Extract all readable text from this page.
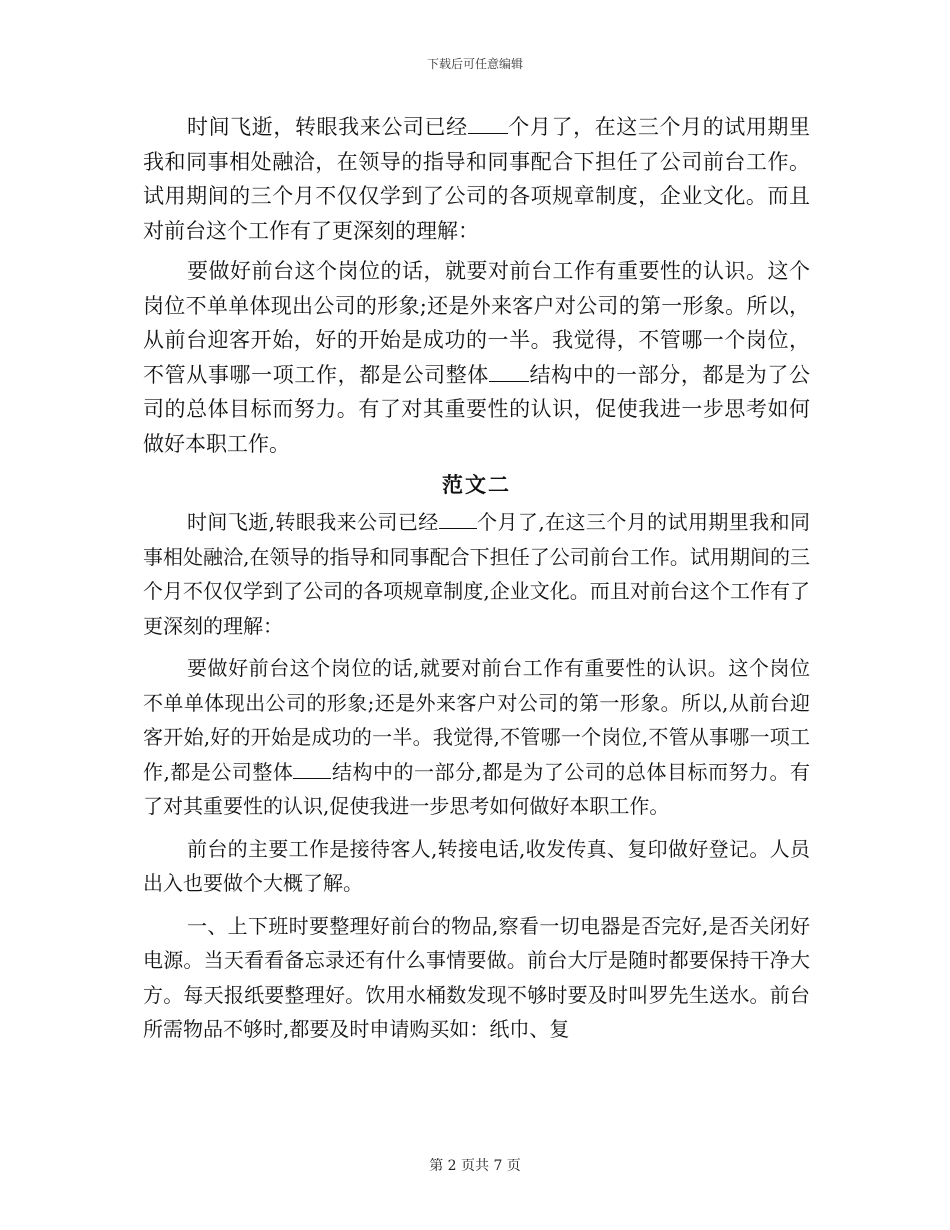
下载后可任意编辑

时间飞逝，转眼我来公司已经 个月了，在这三个月的试用期里我和同事相处融洽，在领导的指导和同事配合下担任了公司前台工作。试用期间的三个月不仅仅学到了公司的各项规章制度，企业文化。而且对前台这个工作有了更深刻的理解：

要做好前台这个岗位的话，就要对前台工作有重要性的认识。这个岗位不单单体现出公司的形象;还是外来客户对公司的第一形象。所以，从前台迎客开始，好的开始是成功的一半。我觉得，不管哪一个岗位，不管从事哪一项工作，都是公司整体 结构中的一部分，都是为了公司的总体目标而努力。有了对其重要性的认识，促使我进一步思考如何做好本职工作。

范文二

时间飞逝,转眼我来公司已经 个月了,在这三个月的试用期里我和同事相处融洽,在领导的指导和同事配合下担任了公司前台工作。试用期间的三个月不仅仅学到了公司的各项规章制度,企业文化。而且对前台这个工作有了更深刻的理解：

要做好前台这个岗位的话,就要对前台工作有重要性的认识。这个岗位不单单体现出公司的形象;还是外来客户对公司的第一形象。所以,从前台迎客开始,好的开始是成功的一半。我觉得,不管哪一个岗位,不管从事哪一项工作,都是公司整体 结构中的一部分,都是为了公司的总体目标而努力。有了对其重要性的认识,促使我进一步思考如何做好本职工作。

前台的主要工作是接待客人,转接电话,收发传真、复印做好登记。人员出入也要做个大概了解。

一、上下班时要整理好前台的物品,察看一切电器是否完好,是否关闭好电源。当天看看备忘录还有什么事情要做。前台大厅是随时都要保持干净大方。每天报纸要整理好。饮用水桶数发现不够时要及时叫罗先生送水。前台所需物品不够时,都要及时申请购买如：纸巾、复

第 2 页共 7 页
